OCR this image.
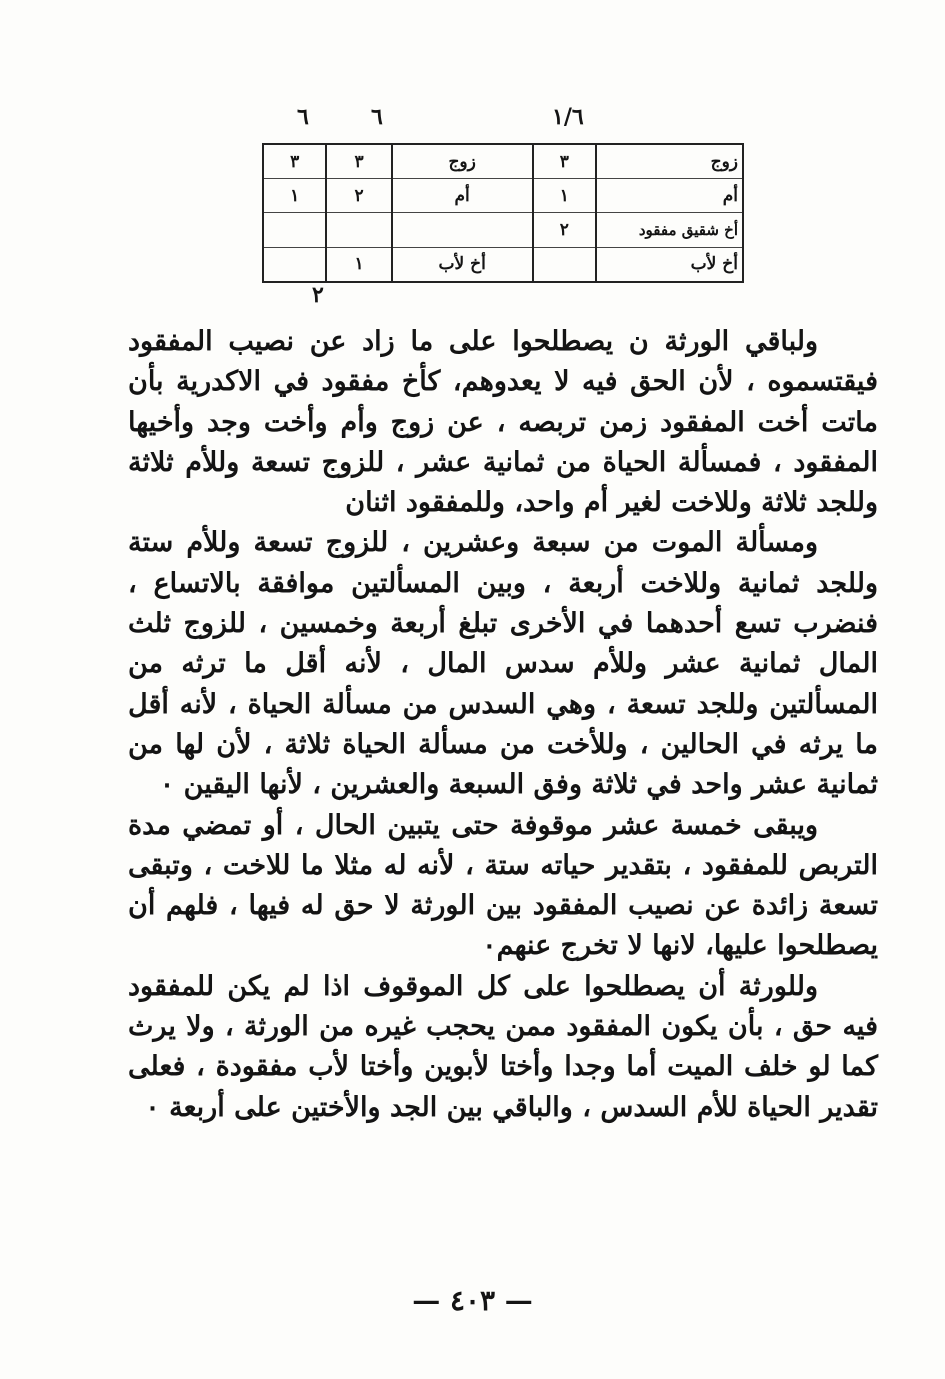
٦	٦	١/٦
زوج	٣	زوج	٣	٣
أم	١	أم	٢	١
أخ شقيق مفقود	٢			
أخ لأب		أخ لأب	١	
٢

ولباقي الورثة ن يصطلحوا على ما زاد عن نصيب المفقود فيقتسموه ، لأن الحق فيه لا يعدوهم، كأخ مفقود في الاكدرية بأن ماتت أخت المفقود زمن تربصه ، عن زوج وأم وأخت وجد وأخيها المفقود ، فمسألة الحياة من ثمانية عشر ، للزوج تسعة وللأم ثلاثة وللجد ثلاثة وللاخت لغير أم واحد، وللمفقود اثنان

ومسألة الموت من سبعة وعشرين ، للزوج تسعة وللأم ستة وللجد ثمانية وللاخت أربعة ، وبين المسألتين موافقة بالاتساع ، فنضرب تسع أحدهما في الأخرى تبلغ أربعة وخمسين ، للزوج ثلث المال ثمانية عشر وللأم سدس المال ، لأنه أقل ما ترثه من المسألتين وللجد تسعة ، وهي السدس من مسألة الحياة ، لأنه أقل ما يرثه في الحالين ، وللأخت من مسألة الحياة ثلاثة ، لأن لها من ثمانية عشر واحد في ثلاثة وفق السبعة والعشرين ، لأنها اليقين ٠

ويبقى خمسة عشر موقوفة حتى يتبين الحال ، أو تمضي مدة التربص للمفقود ، بتقدير حياته ستة ، لأنه له مثلا ما للاخت ، وتبقى تسعة زائدة عن نصيب المفقود بين الورثة لا حق له فيها ، فلهم أن يصطلحوا عليها، لانها لا تخرج عنهم٠

وللورثة أن يصطلحوا على كل الموقوف اذا لم يكن للمفقود فيه حق ، بأن يكون المفقود ممن يحجب غيره من الورثة ، ولا يرث كما لو خلف الميت أما وجدا وأختا لأبوين وأختا لأب مفقودة ، فعلى تقدير الحياة للأم السدس ، والباقي بين الجد والأختين على أربعة ٠

— ٤٠٣ —
